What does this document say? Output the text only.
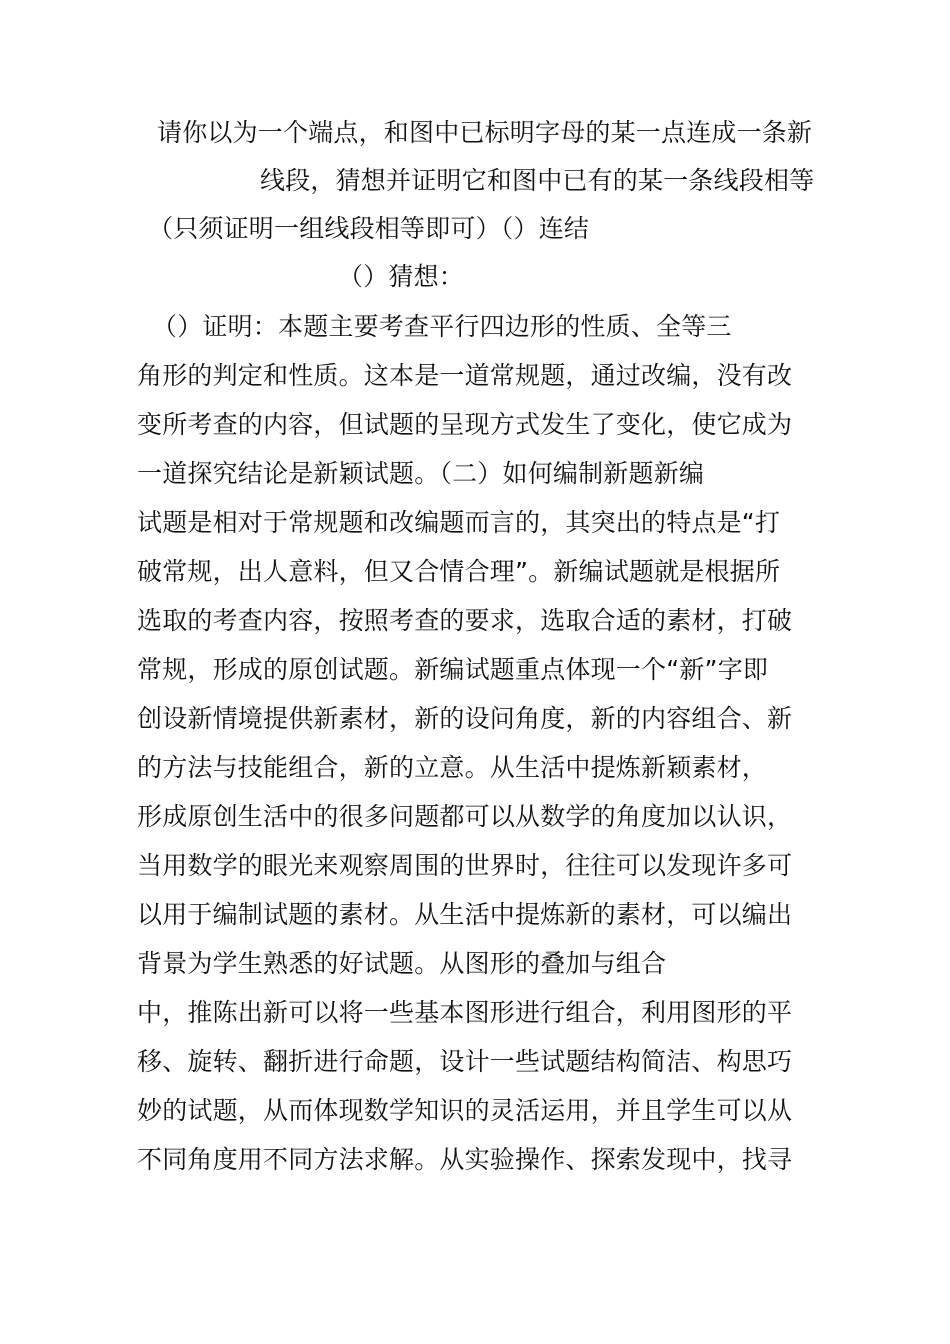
请你以为一个端点，和图中已标明字母的某一点连成一条新
线段，猜想并证明它和图中已有的某一条线段相等
（只须证明一组线段相等即可）（）连结
（）猜想：
（）证明：本题主要考查平行四边形的性质、全等三
角形的判定和性质。这本是一道常规题，通过改编，没有改
变所考查的内容，但试题的呈现方式发生了变化，使它成为
一道探究结论是新颖试题。（二）如何编制新题新编
试题是相对于常规题和改编题而言的，其突出的特点是“打
破常规，出人意料，但又合情合理”。新编试题就是根据所
选取的考查内容，按照考查的要求，选取合适的素材，打破
常规，形成的原创试题。新编试题重点体现一个“新”字即
创设新情境提供新素材，新的设问角度，新的内容组合、新
的方法与技能组合，新的立意。从生活中提炼新颖素材，
形成原创生活中的很多问题都可以从数学的角度加以认识，
当用数学的眼光来观察周围的世界时，往往可以发现许多可
以用于编制试题的素材。从生活中提炼新的素材，可以编出
背景为学生熟悉的好试题。从图形的叠加与组合
中，推陈出新可以将一些基本图形进行组合，利用图形的平
移、旋转、翻折进行命题，设计一些试题结构简洁、构思巧
妙的试题，从而体现数学知识的灵活运用，并且学生可以从
不同角度用不同方法求解。从实验操作、探索发现中，找寻
